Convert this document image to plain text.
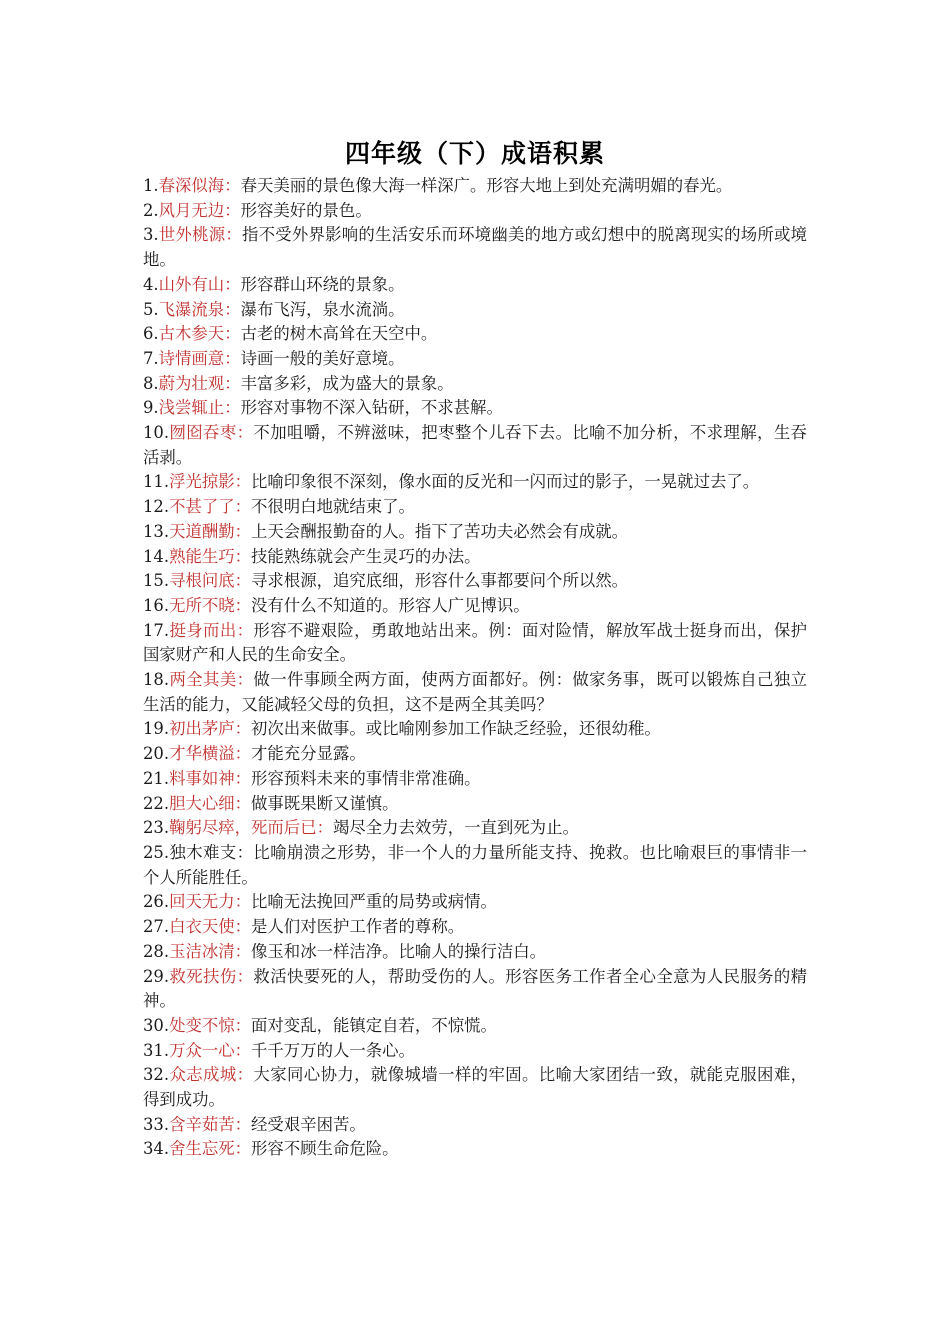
四年级（下）成语积累
1.春深似海：春天美丽的景色像大海一样深广。形容大地上到处充满明媚的春光。
2.风月无边：形容美好的景色。
3.世外桃源：指不受外界影响的生活安乐而环境幽美的地方或幻想中的脱离现实的场所或境地。
4.山外有山：形容群山环绕的景象。
5.飞瀑流泉：瀑布飞泻，泉水流淌。
6.古木参天：古老的树木高耸在天空中。
7.诗情画意：诗画一般的美好意境。
8.蔚为壮观：丰富多彩，成为盛大的景象。
9.浅尝辄止：形容对事物不深入钻研，不求甚解。
10.囫囵吞枣：不加咀嚼，不辨滋味，把枣整个儿吞下去。比喻不加分析，不求理解，生吞活剥。
11.浮光掠影：比喻印象很不深刻，像水面的反光和一闪而过的影子，一晃就过去了。
12.不甚了了：不很明白地就结束了。
13.天道酬勤：上天会酬报勤奋的人。指下了苦功夫必然会有成就。
14.熟能生巧：技能熟练就会产生灵巧的办法。
15.寻根问底：寻求根源，追究底细，形容什么事都要问个所以然。
16.无所不晓：没有什么不知道的。形容人广见博识。
17.挺身而出：形容不避艰险，勇敢地站出来。例：面对险情，解放军战士挺身而出，保护国家财产和人民的生命安全。
18.两全其美：做一件事顾全两方面，使两方面都好。例：做家务事，既可以锻炼自己独立生活的能力，又能减轻父母的负担，这不是两全其美吗？
19.初出茅庐：初次出来做事。或比喻刚参加工作缺乏经验，还很幼稚。
20.才华横溢：才能充分显露。
21.料事如神：形容预料未来的事情非常准确。
22.胆大心细：做事既果断又谨慎。
23.鞠躬尽瘁，死而后已：竭尽全力去效劳，一直到死为止。
25.独木难支：比喻崩溃之形势，非一个人的力量所能支持、挽救。也比喻艰巨的事情非一个人所能胜任。
26.回天无力：比喻无法挽回严重的局势或病情。
27.白衣天使：是人们对医护工作者的尊称。
28.玉洁冰清：像玉和冰一样洁净。比喻人的操行洁白。
29.救死扶伤：救活快要死的人，帮助受伤的人。形容医务工作者全心全意为人民服务的精神。
30.处变不惊：面对变乱，能镇定自若，不惊慌。
31.万众一心：千千万万的人一条心。
32.众志成城：大家同心协力，就像城墙一样的牢固。比喻大家团结一致，就能克服困难，得到成功。
33.含辛茹苦：经受艰辛困苦。
34.舍生忘死：形容不顾生命危险。
